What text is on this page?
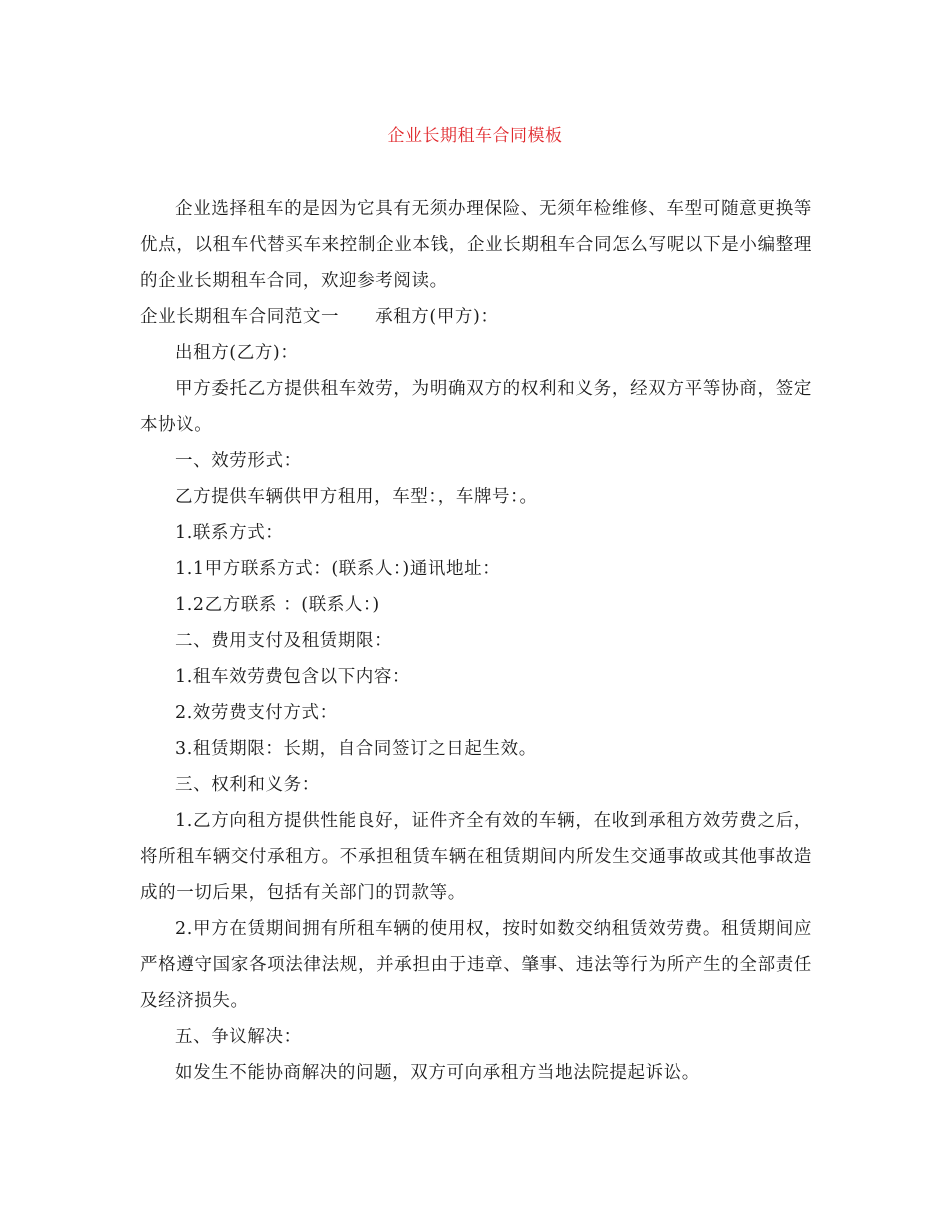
企业长期租车合同模板

企业选择租车的是因为它具有无须办理保险、无须年检维修、车型可随意更换等优点，以租车代替买车来控制企业本钱，企业长期租车合同怎么写呢以下是小编整理的企业长期租车合同，欢迎参考阅读。

企业长期租车合同范文一 承租方(甲方)：

出租方(乙方)：

甲方委托乙方提供租车效劳，为明确双方的权利和义务，经双方平等协商，签定本协议。

一、效劳形式：

乙方提供车辆供甲方租用，车型：，车牌号：。

1.联系方式：

1.1甲方联系方式：(联系人：)通讯地址：

1.2乙方联系 ：(联系人：)

二、费用支付及租赁期限：

1.租车效劳费包含以下内容：

2.效劳费支付方式：

3.租赁期限：长期，自合同签订之日起生效。

三、权利和义务：

1.乙方向租方提供性能良好，证件齐全有效的车辆，在收到承租方效劳费之后，将所租车辆交付承租方。不承担租赁车辆在租赁期间内所发生交通事故或其他事故造成的一切后果，包括有关部门的罚款等。

2.甲方在赁期间拥有所租车辆的使用权，按时如数交纳租赁效劳费。租赁期间应严格遵守国家各项法律法规，并承担由于违章、肇事、违法等行为所产生的全部责任及经济损失。

五、争议解决：

如发生不能协商解决的问题，双方可向承租方当地法院提起诉讼。
